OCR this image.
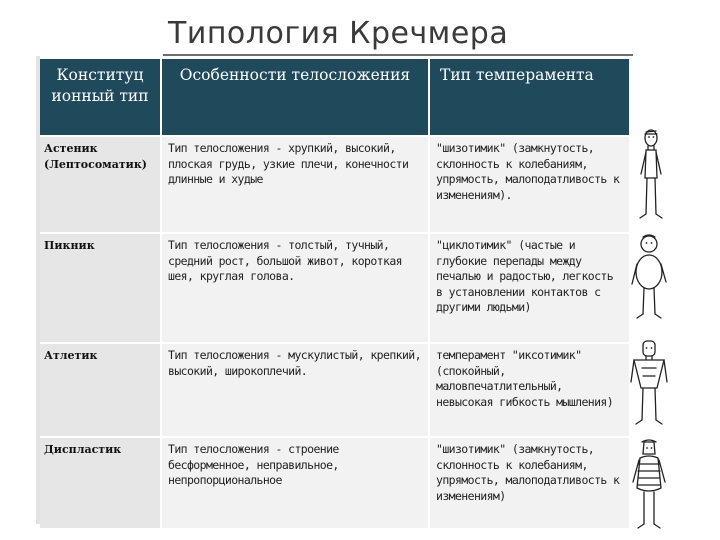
Типология Кречмера
Конституц ионный тип	Особенности телосложения	Тип темперамента
Астеник (Лептосоматик)	Тип телосложения - хрупкий, высокий, плоская грудь, узкие плечи, конечности длинные и худые	"шизотимик" (замкнутость, склонность к колебаниям, упрямость, малоподатливость к изменениям).
Пикник	Тип телосложения - толстый, тучный, средний рост, большой живот, короткая шея, круглая голова.	"циклотимик" (частые и глубокие перепады между печалью и радостью, легкость в установлении контактов с другими людьми)
Атлетик	Тип телосложения - мускулистый, крепкий, высокий, широкоплечий.	темперамент "иксотимик" (спокойный, маловпечатлительный, невысокая гибкость мышления)
Диспластик	Тип телосложения - строение бесформенное, неправильное, непропорциональное	"шизотимик" (замкнутость, склонность к колебаниям, упрямость, малоподатливость к изменениям)
